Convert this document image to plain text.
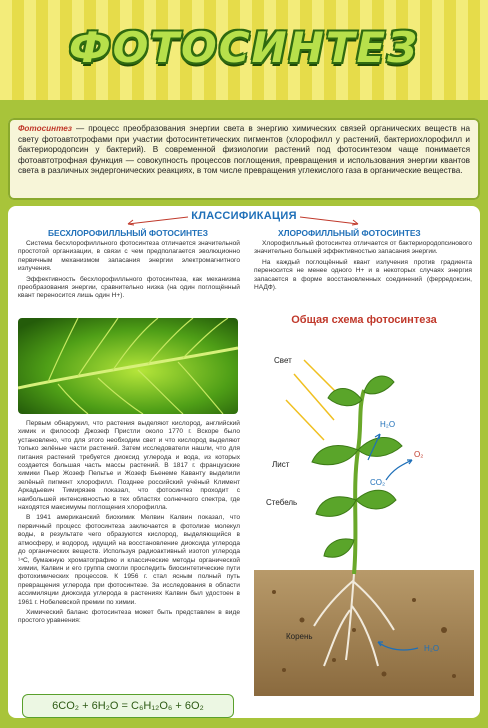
ФОТОСИНТЕЗ

Фотосинтез — процесс преобразования энергии света в энергию химических связей органических веществ на свету фотоавтотрофами при участии фотосинтетических пигментов (хлорофилл у растений, бактериохлорофилл и бактериородопсин у бактерий). В современной физиологии растений под фотосинтезом чаще понимается фотоавтотрофная функция — совокупность процессов поглощения, превращения и использования энергии квантов света в различных эндергонических реакциях, в том числе превращения углекислого газа в органические вещества.

КЛАССИФИКАЦИЯ
БЕСХЛОРОФИЛЛЬНЫЙ ФОТОСИНТЕЗ	ХЛОРОФИЛЛЬНЫЙ ФОТОСИНТЕЗ

Система бесхлорофилльного фотосинтеза отличается значительной простотой организации, в связи с чем предполагается эволюционно первичным механизмом запасания энергии электромагнитного излучения.

Эффективность бесхлорофилльного фотосинтеза, как механизма преобразования энергии, сравнительно низка (на один поглощённый квант переносится лишь один H+).

Хлорофилльный фотосинтез отличается от бактериородопсинового значительно большей эффективностью запасания энергии.

На каждый поглощённый квант излучения против градиента переносится не менее одного H+ и в некоторых случаях энергия запасается в форме восстановленных соединений (ферредоксин, НАДФ).

Первым обнаружил, что растения выделяют кислород, английский химик и философ Джозеф Пристли около 1770 г. Вскоре было установлено, что для этого необходим свет и что кислород выделяют только зелёные части растений. Затем исследователи нашли, что для питания растений требуется диоксид углерода и вода, из которых создается большая часть массы растений. В 1817 г. французские химики Пьер Жозеф Пельтье и Жозеф Бьенеме Каванту выделили зелёный пигмент хлорофилл. Позднее российский учёный Климент Аркадьевич Тимирязев показал, что фотосинтез проходит с наибольшей интенсивностью в тех областях солнечного спектра, где находятся максимумы поглощения хлорофилла.

В 1941 американский биохимик Мелвин Калвин показал, что первичный процесс фотосинтеза заключается в фотолизе молекул воды, в результате чего образуются кислород, выделяющийся в атмосферу, и водород, идущий на восстановление диоксида углерода до органических веществ. Используя радиоактивный изотоп углерода ¹⁴C, бумажную хроматографию и классические методы органической химии, Калвин и его группа смогли проследить биосинтетические пути фотохимических процессов. К 1956 г. стал ясным полный путь превращения углерода при фотосинтезе. За исследования в области ассимиляции диоксида углерода в растениях Калвин был удостоен в 1961 г. Нобелевской премии по химии.

Химический баланс фотосинтеза может быть представлен в виде простого уравнения:

6CO₂ + 6H₂O = C₆H₁₂O₆ + 6O₂
Общая схема фотосинтеза
Свет
Лист
Стебель
Корень
H₂O
CO₂
O₂
H₂O
